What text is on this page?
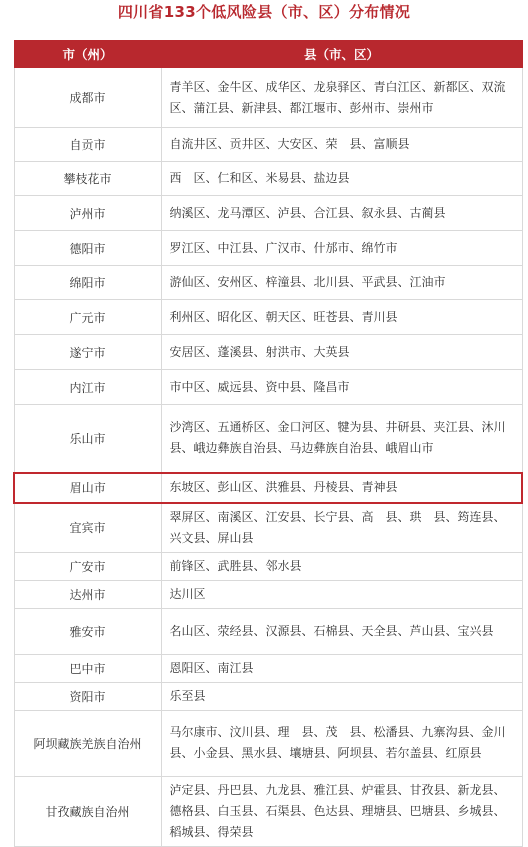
四川省133个低风险县（市、区）分布情况
市（州）	县（市、区）
成都市	青羊区、金牛区、成华区、龙泉驿区、青白江区、新都区、双流区、蒲江县、新津县、都江堰市、彭州市、崇州市
自贡市	自流井区、贡井区、大安区、荣　县、富顺县
攀枝花市	西　区、仁和区、米易县、盐边县
泸州市	纳溪区、龙马潭区、泸县、合江县、叙永县、古蔺县
德阳市	罗江区、中江县、广汉市、什邡市、绵竹市
绵阳市	游仙区、安州区、梓潼县、北川县、平武县、江油市
广元市	利州区、昭化区、朝天区、旺苍县、青川县
遂宁市	安居区、蓬溪县、射洪市、大英县
内江市	市中区、威远县、资中县、隆昌市
乐山市	沙湾区、五通桥区、金口河区、犍为县、井研县、夹江县、沐川县、峨边彝族自治县、马边彝族自治县、峨眉山市
眉山市	东坡区、彭山区、洪雅县、丹棱县、青神县
宜宾市	翠屏区、南溪区、江安县、长宁县、高　县、珙　县、筠连县、兴文县、屏山县
广安市	前锋区、武胜县、邻水县
达州市	达川区
雅安市	名山区、荥经县、汉源县、石棉县、天全县、芦山县、宝兴县
巴中市	恩阳区、南江县
资阳市	乐至县
阿坝藏族羌族自治州	马尔康市、汶川县、理　县、茂　县、松潘县、九寨沟县、金川县、小金县、黑水县、壤塘县、阿坝县、若尔盖县、红原县
甘孜藏族自治州	泸定县、丹巴县、九龙县、雅江县、炉霍县、甘孜县、新龙县、德格县、白玉县、石渠县、色达县、理塘县、巴塘县、乡城县、稻城县、得荣县
